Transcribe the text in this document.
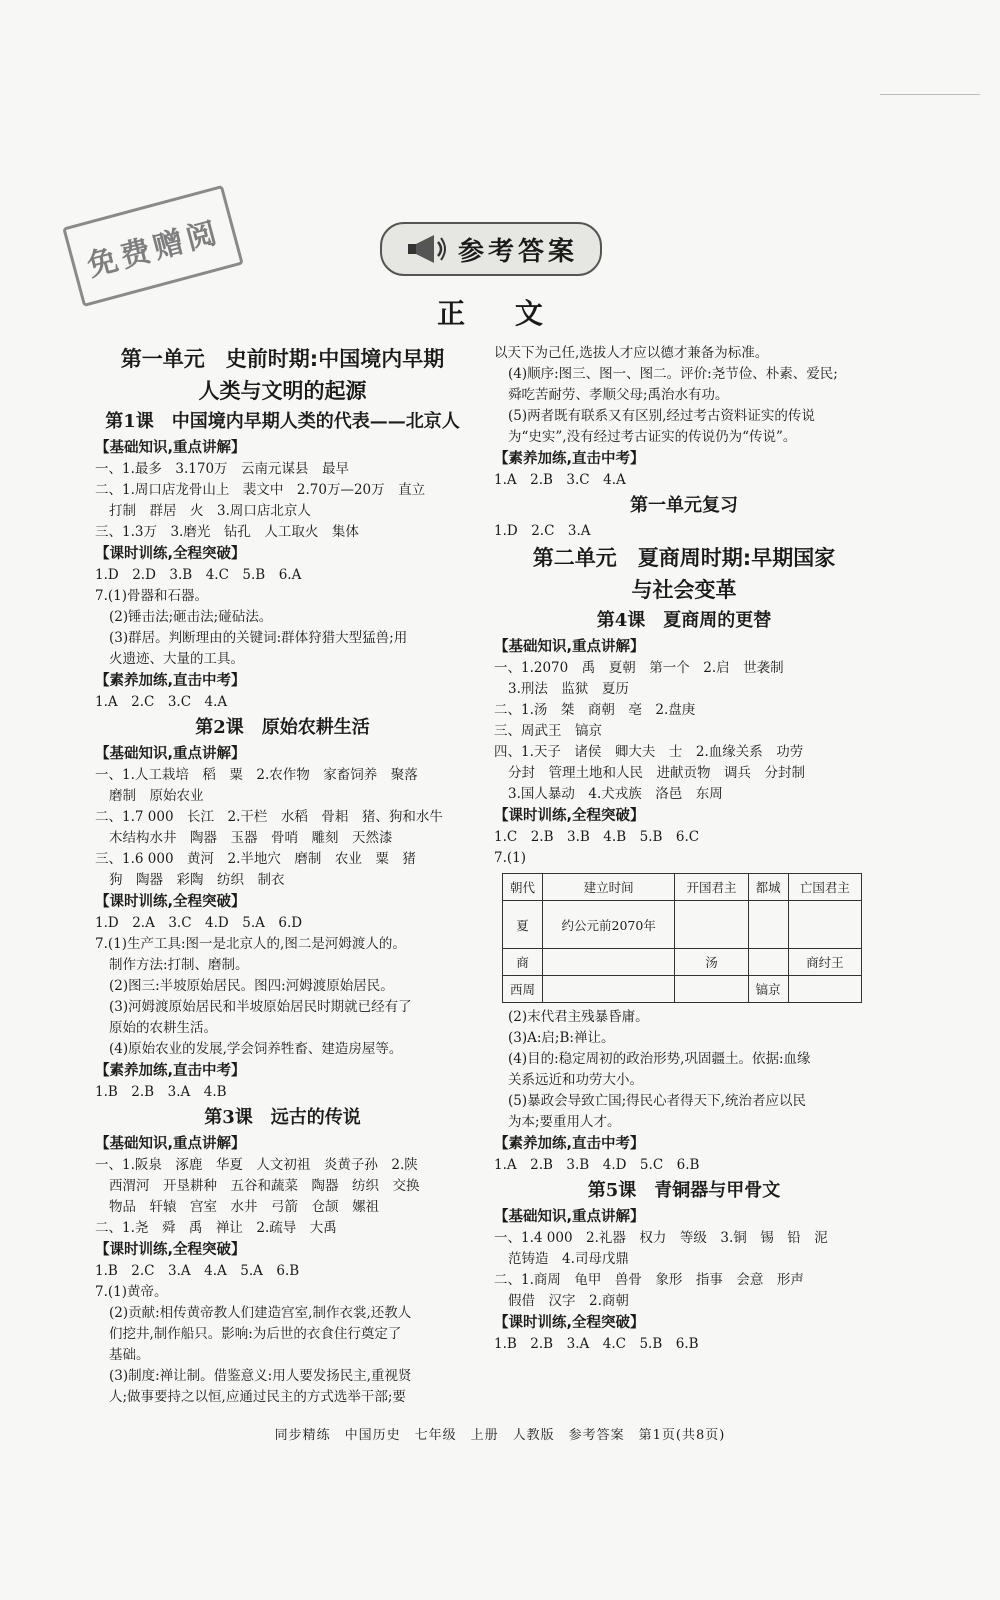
免费赠阅	参考答案
正 文
第一单元　史前时期:中国境内早期
人类与文明的起源
第1课　中国境内早期人类的代表——北京人
【基础知识,重点讲解】
一、1.最多　3.170万　云南元谋县　最早
二、1.周口店龙骨山上　裴文中　2.70万—20万　直立
打制　群居　火　3.周口店北京人
三、1.3万　3.磨光　钻孔　人工取火　集体
【课时训练,全程突破】
1.D　2.D　3.B　4.C　5.B　6.A
7.(1)骨器和石器。
(2)锤击法;砸击法;碰砧法。
(3)群居。判断理由的关键词:群体狩猎大型猛兽;用
火遗迹、大量的工具。
【素养加练,直击中考】
1.A　2.C　3.C　4.A
第2课　原始农耕生活
【基础知识,重点讲解】
一、1.人工栽培　稻　粟　2.农作物　家畜饲养　聚落
磨制　原始农业
二、1.7 000　长江　2.干栏　水稻　骨耜　猪、狗和水牛
木结构水井　陶器　玉器　骨哨　雕刻　天然漆
三、1.6 000　黄河　2.半地穴　磨制　农业　粟　猪
狗　陶器　彩陶　纺织　制衣
【课时训练,全程突破】
1.D　2.A　3.C　4.D　5.A　6.D
7.(1)生产工具:图一是北京人的,图二是河姆渡人的。
制作方法:打制、磨制。
(2)图三:半坡原始居民。图四:河姆渡原始居民。
(3)河姆渡原始居民和半坡原始居民时期就已经有了
原始的农耕生活。
(4)原始农业的发展,学会饲养牲畜、建造房屋等。
【素养加练,直击中考】
1.B　2.B　3.A　4.B
第3课　远古的传说
【基础知识,重点讲解】
一、1.阪泉　涿鹿　华夏　人文初祖　炎黄子孙　2.陕
西渭河　开垦耕种　五谷和蔬菜　陶器　纺织　交换
物品　轩辕　宫室　水井　弓箭　仓颉　嫘祖
二、1.尧　舜　禹　禅让　2.疏导　大禹
【课时训练,全程突破】
1.B　2.C　3.A　4.A　5.A　6.B
7.(1)黄帝。
(2)贡献:相传黄帝教人们建造宫室,制作衣裳,还教人
们挖井,制作船只。影响:为后世的衣食住行奠定了
基础。
(3)制度:禅让制。借鉴意义:用人要发扬民主,重视贤
人;做事要持之以恒,应通过民主的方式选举干部;要
以天下为己任,选拔人才应以德才兼备为标准。
(4)顺序:图三、图一、图二。评价:尧节俭、朴素、爱民;
舜吃苦耐劳、孝顺父母;禹治水有功。
(5)两者既有联系又有区别,经过考古资料证实的传说
为“史实”,没有经过考古证实的传说仍为“传说”。
【素养加练,直击中考】
1.A　2.B　3.C　4.A
第一单元复习
1.D　2.C　3.A
第二单元　夏商周时期:早期国家
与社会变革
第4课　夏商周的更替
【基础知识,重点讲解】
一、1.2070　禹　夏朝　第一个　2.启　世袭制
3.刑法　监狱　夏历
二、1.汤　桀　商朝　亳　2.盘庚
三、周武王　镐京
四、1.天子　诸侯　卿大夫　士　2.血缘关系　功劳
分封　管理土地和人民　进献贡物　调兵　分封制
3.国人暴动　4.犬戎族　洛邑　东周
【课时训练,全程突破】
1.C　2.B　3.B　4.B　5.B　6.C
7.(1)
朝代	建立时间	开国君主	都城	亡国君主
夏	约公元前2070年			
商		汤		商纣王
西周			镐京	
(2)末代君主残暴昏庸。
(3)A:启;B:禅让。
(4)目的:稳定周初的政治形势,巩固疆土。依据:血缘
关系远近和功劳大小。
(5)暴政会导致亡国;得民心者得天下,统治者应以民
为本;要重用人才。
【素养加练,直击中考】
1.A　2.B　3.B　4.D　5.C　6.B
第5课　青铜器与甲骨文
【基础知识,重点讲解】
一、1.4 000　2.礼器　权力　等级　3.铜　锡　铅　泥
范铸造　4.司母戊鼎
二、1.商周　龟甲　兽骨　象形　指事　会意　形声
假借　汉字　2.商朝
【课时训练,全程突破】
1.B　2.B　3.A　4.C　5.B　6.B
同步精练　中国历史　七年级　上册　人教版　参考答案　第1页(共8页)
